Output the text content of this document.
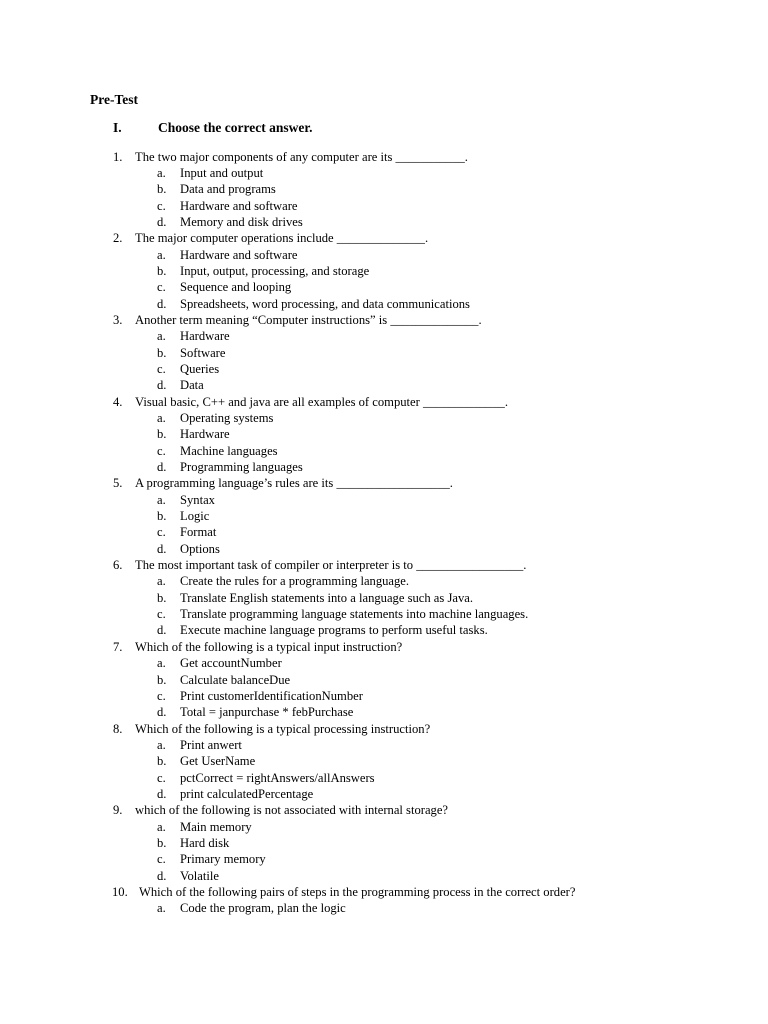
Pre-Test
I.	Choose the correct answer.
1. The two major components of any computer are its ___________.
a.	Input and output
b.	Data and programs
c.	Hardware and software
d.	Memory and disk drives
2. The major computer operations include ______________.
a.	Hardware and software
b.	Input, output, processing, and storage
c.	Sequence and looping
d.	Spreadsheets, word processing, and data communications
3. Another term meaning “Computer instructions” is ______________.
a.	Hardware
b.	Software
c.	Queries
d.	Data
4. Visual basic, C++ and java are all examples of computer _____________.
a.	Operating systems
b.	Hardware
c.	Machine languages
d.	Programming languages
5. A programming language’s rules are its __________________.
a.	Syntax
b.	Logic
c.	Format
d.	Options
6. The most important task of compiler or interpreter is to _________________.
a.	Create the rules for a programming language.
b.	Translate English statements into a language such as Java.
c.	Translate programming language statements into machine languages.
d.	Execute machine language programs to perform useful tasks.
7. Which of the following is a typical input instruction?
a.	Get accountNumber
b.	Calculate balanceDue
c.	Print customerIdentificationNumber
d.	Total = janpurchase * febPurchase
8. Which of the following is a typical processing instruction?
a.	Print anwert
b.	Get UserName
c.	pctCorrect = rightAnswers/allAnswers
d.	print calculatedPercentage
9. which of the following is not associated with internal storage?
a.	Main memory
b.	Hard disk
c.	Primary memory
d.	Volatile
10. Which of the following pairs of steps in the programming process in the correct order?
a.	Code the program, plan the logic
